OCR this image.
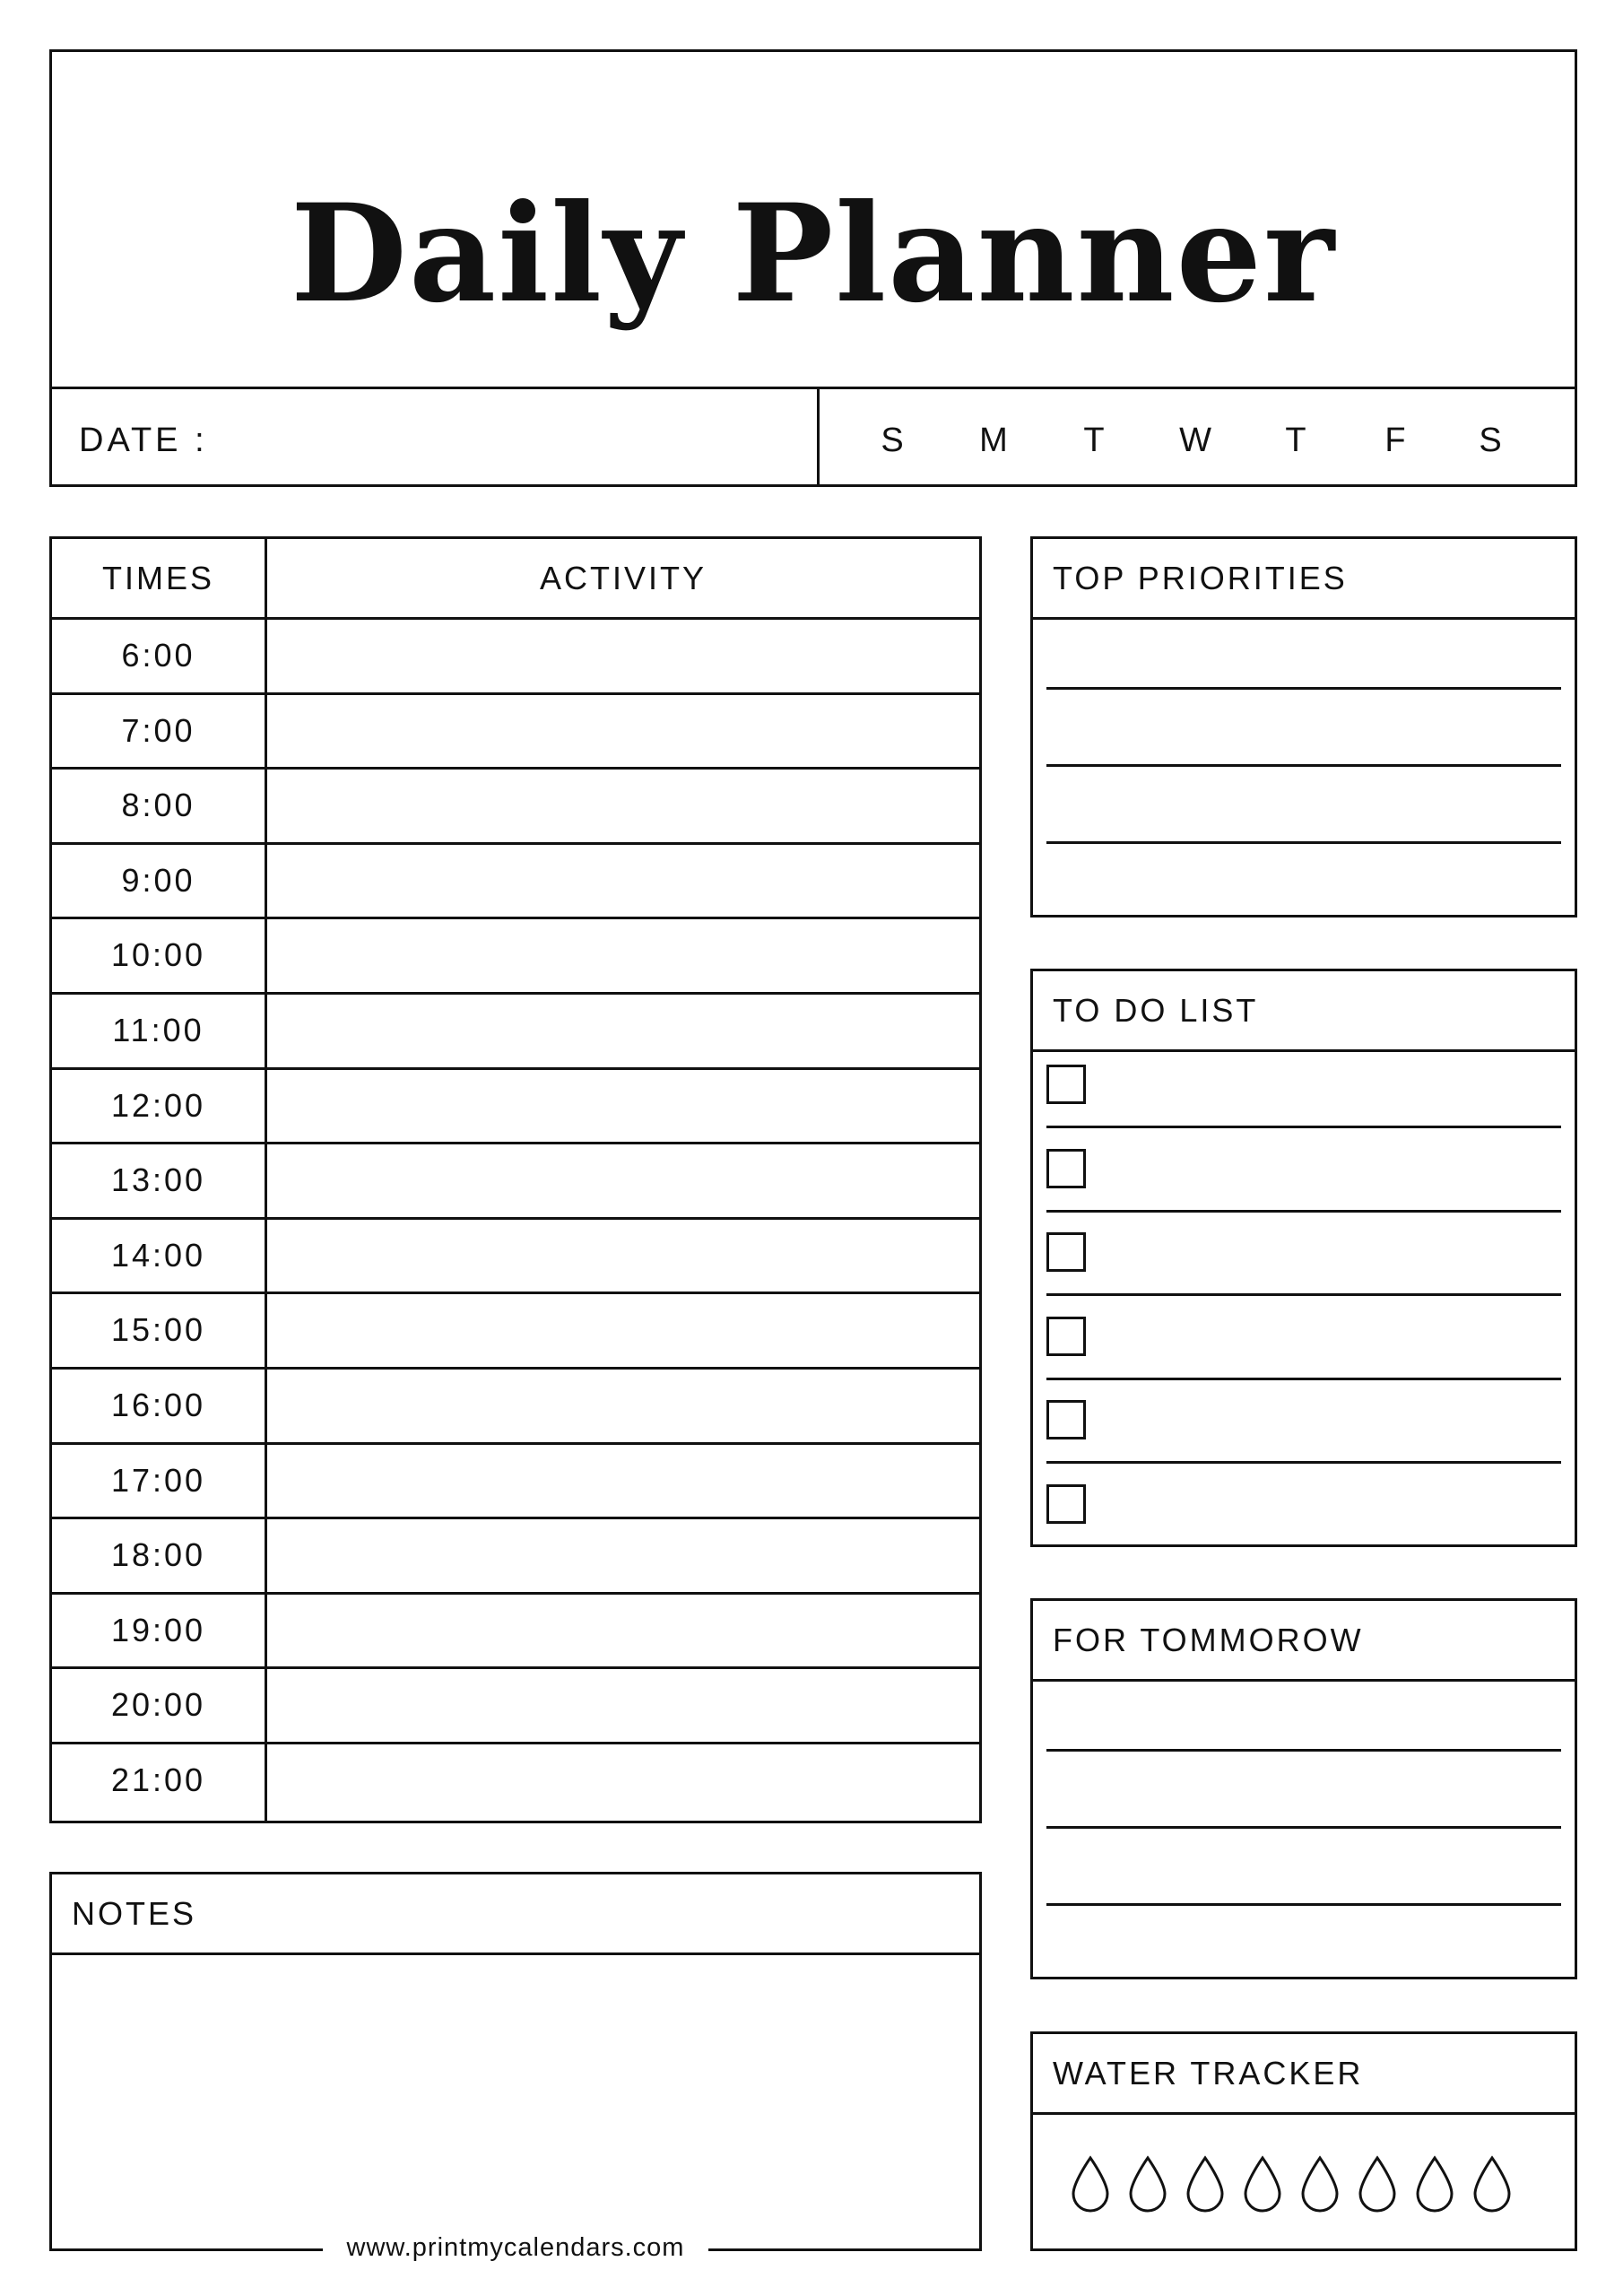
Daily Planner
DATE :	S M T W T F S
TIMES	ACTIVITY
6:00
7:00
8:00
9:00
10:00
11:00
12:00
13:00
14:00
15:00
16:00
17:00
18:00
19:00
20:00
21:00
TOP PRIORITIES
TO DO LIST
FOR TOMMOROW
WATER TRACKER
NOTES
www.printmycalendars.com
